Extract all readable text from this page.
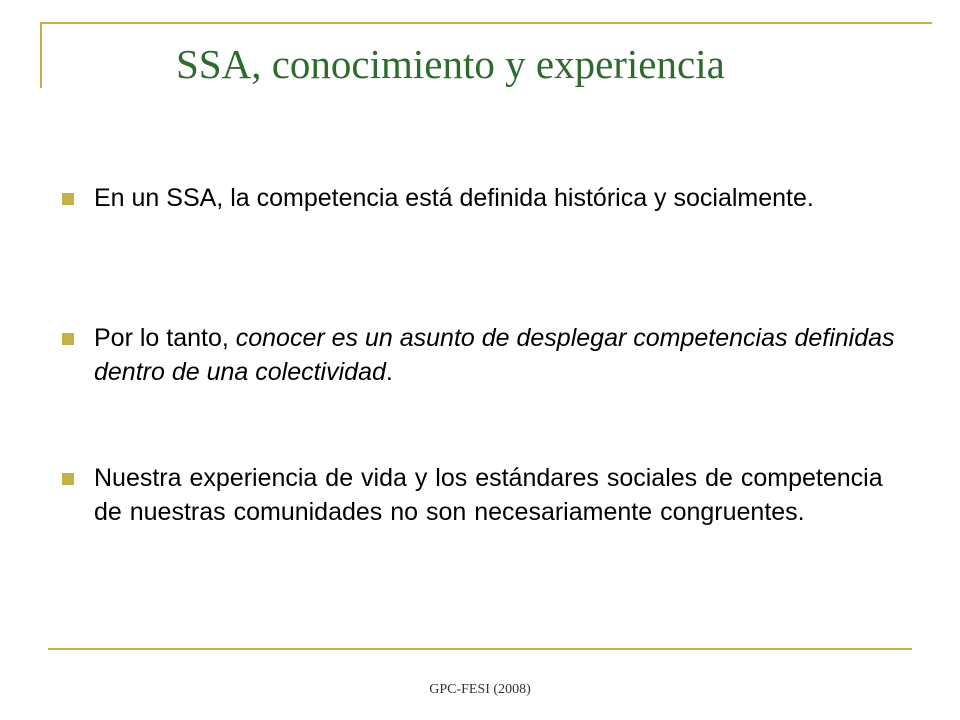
SSA, conocimiento y experiencia
En un SSA, la competencia está definida histórica y socialmente.
Por lo tanto, conocer es un asunto de desplegar competencias definidas dentro de una colectividad.
Nuestra experiencia de vida y los estándares sociales de competencia de nuestras comunidades no son necesariamente congruentes.
GPC-FESI (2008)
